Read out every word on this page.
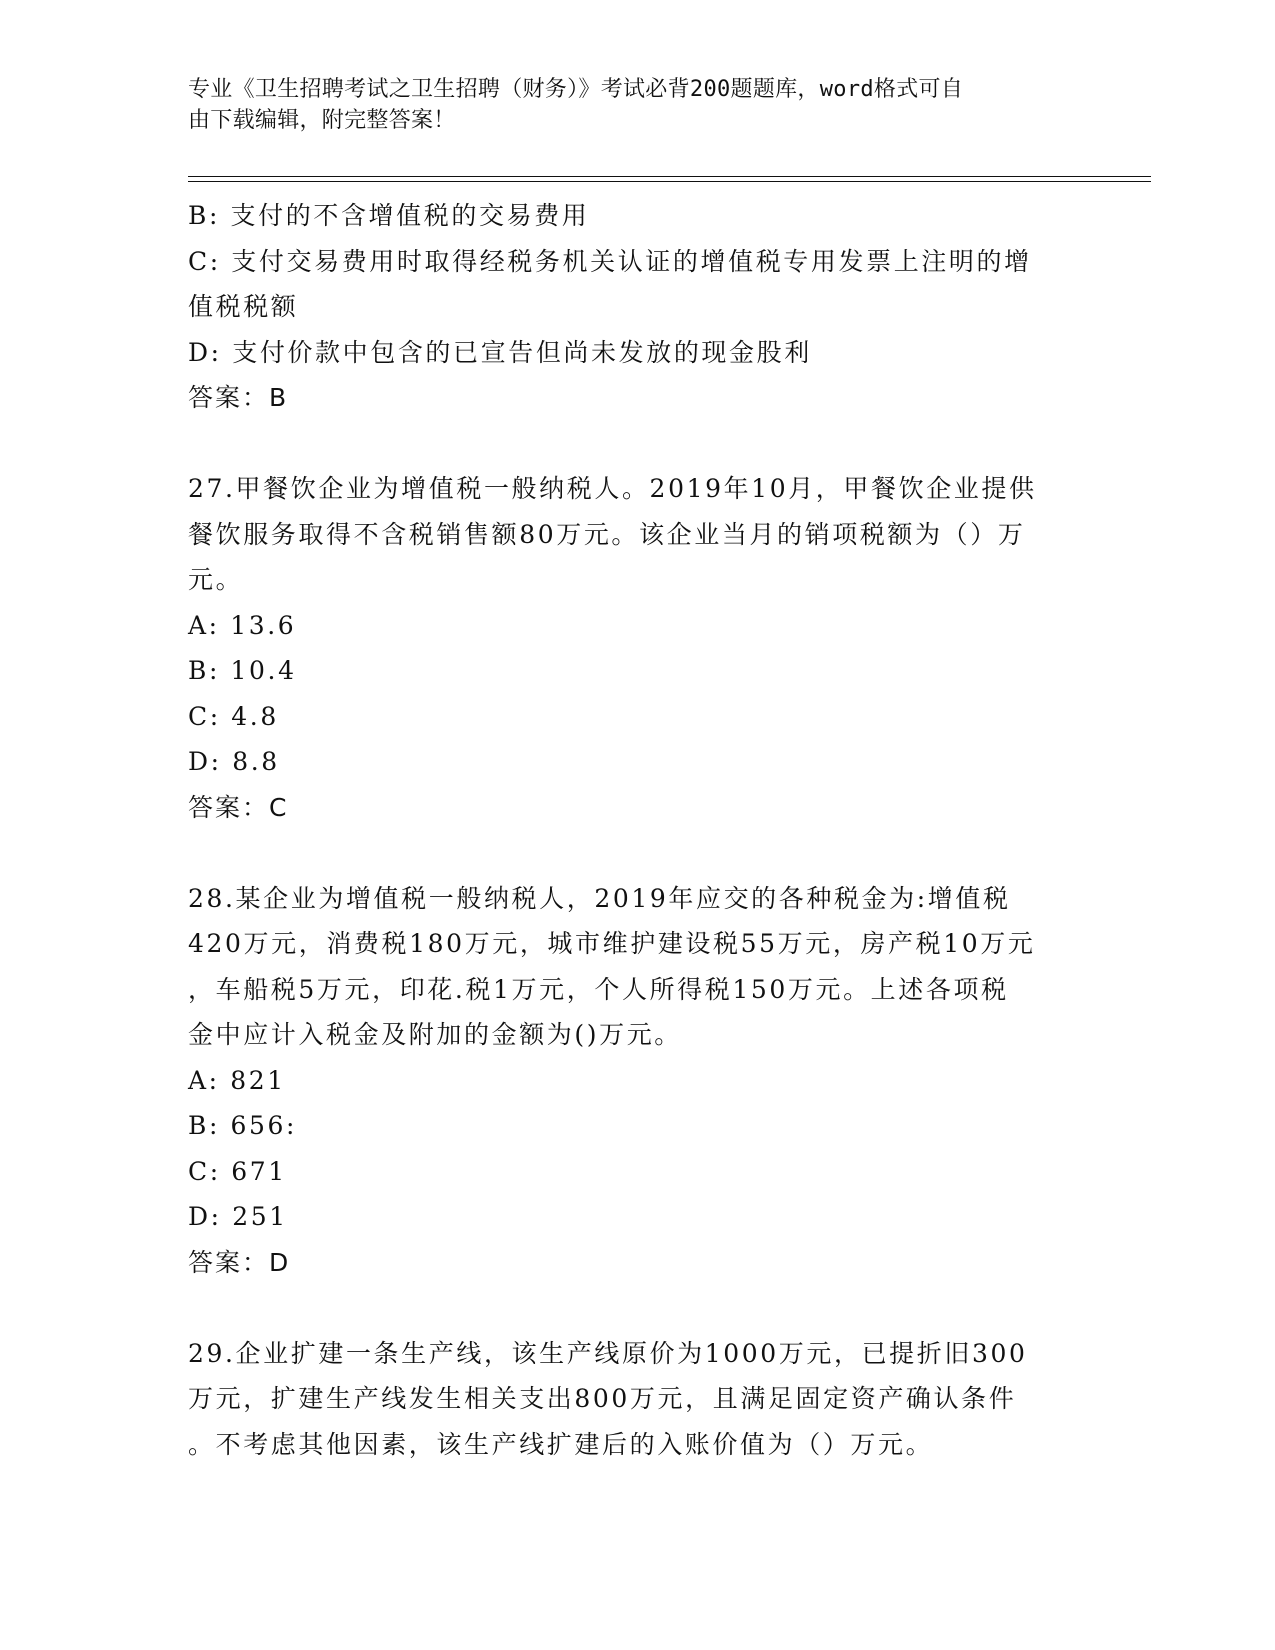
专业《卫生招聘考试之卫生招聘（财务）》考试必背200题题库，word格式可自
由下载编辑，附完整答案！
B: 支付的不含增值税的交易费用
C: 支付交易费用时取得经税务机关认证的增值税专用发票上注明的增
值税税额
D: 支付价款中包含的已宣告但尚未发放的现金股利
答案：B
27.甲餐饮企业为增值税一般纳税人。2019年10月，甲餐饮企业提供
餐饮服务取得不含税销售额80万元。该企业当月的销项税额为（）万
元。
A: 13.6
B: 10.4
C: 4.8
D: 8.8
答案：C
28.某企业为增值税一般纳税人，2019年应交的各种税金为:增值税
420万元，消费税180万元，城市维护建设税55万元，房产税10万元
，车船税5万元，印花.税1万元，个人所得税150万元。上述各项税
金中应计入税金及附加的金额为()万元。
A: 821
B: 656:
C: 671
D: 251
答案：D
29.企业扩建一条生产线，该生产线原价为1000万元，已提折旧300
万元，扩建生产线发生相关支出800万元，且满足固定资产确认条件
。不考虑其他因素，该生产线扩建后的入账价值为（）万元。
